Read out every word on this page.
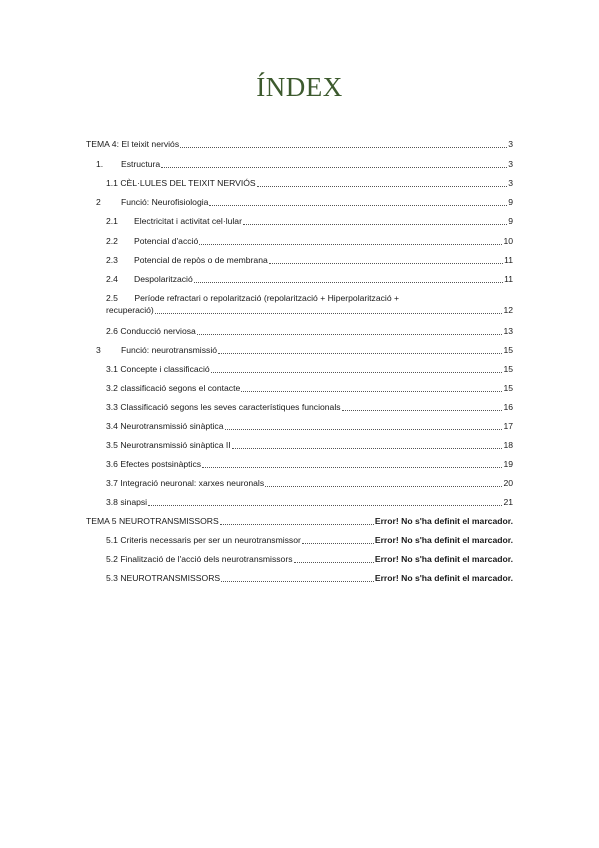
ÍNDEX
TEMA 4: El teixit nerviós	3
1.	Estructura	3
1.1 CÈL·LULES DEL TEIXIT NERVIÓS	3
2	Funció: Neurofisiologia	9
2.1	Electricitat i activitat cel·lular	9
2.2	Potencial d'acció	10
2.3	Potencial de repòs o de membrana	11
2.4	Despolarització	11
2.5 Període refractari o repolarització (repolarització + Hiperpolarització +
recuperació)	12
2.6 Conducció nerviosa	13
3	Funció: neurotransmissió	15
3.1 Concepte i classificació	15
3.2 classificació segons el contacte	15
3.3 Classificació segons les seves característiques funcionals	16
3.4 Neurotransmissió sinàptica	17
3.5 Neurotransmissió sinàptica II	18
3.6 Efectes postsinàptics	19
3.7 Integració neuronal: xarxes neuronals	20
3.8 sinapsi	21
TEMA 5 NEUROTRANSMISSORS	Error! No s'ha definit el marcador.
5.1 Criteris necessaris per ser un neurotransmissor	Error! No s'ha definit el marcador.
5.2 Finalització de l'acció dels neurotransmissors	Error! No s'ha definit el marcador.
5.3 NEUROTRANSMISSORS	Error! No s'ha definit el marcador.
